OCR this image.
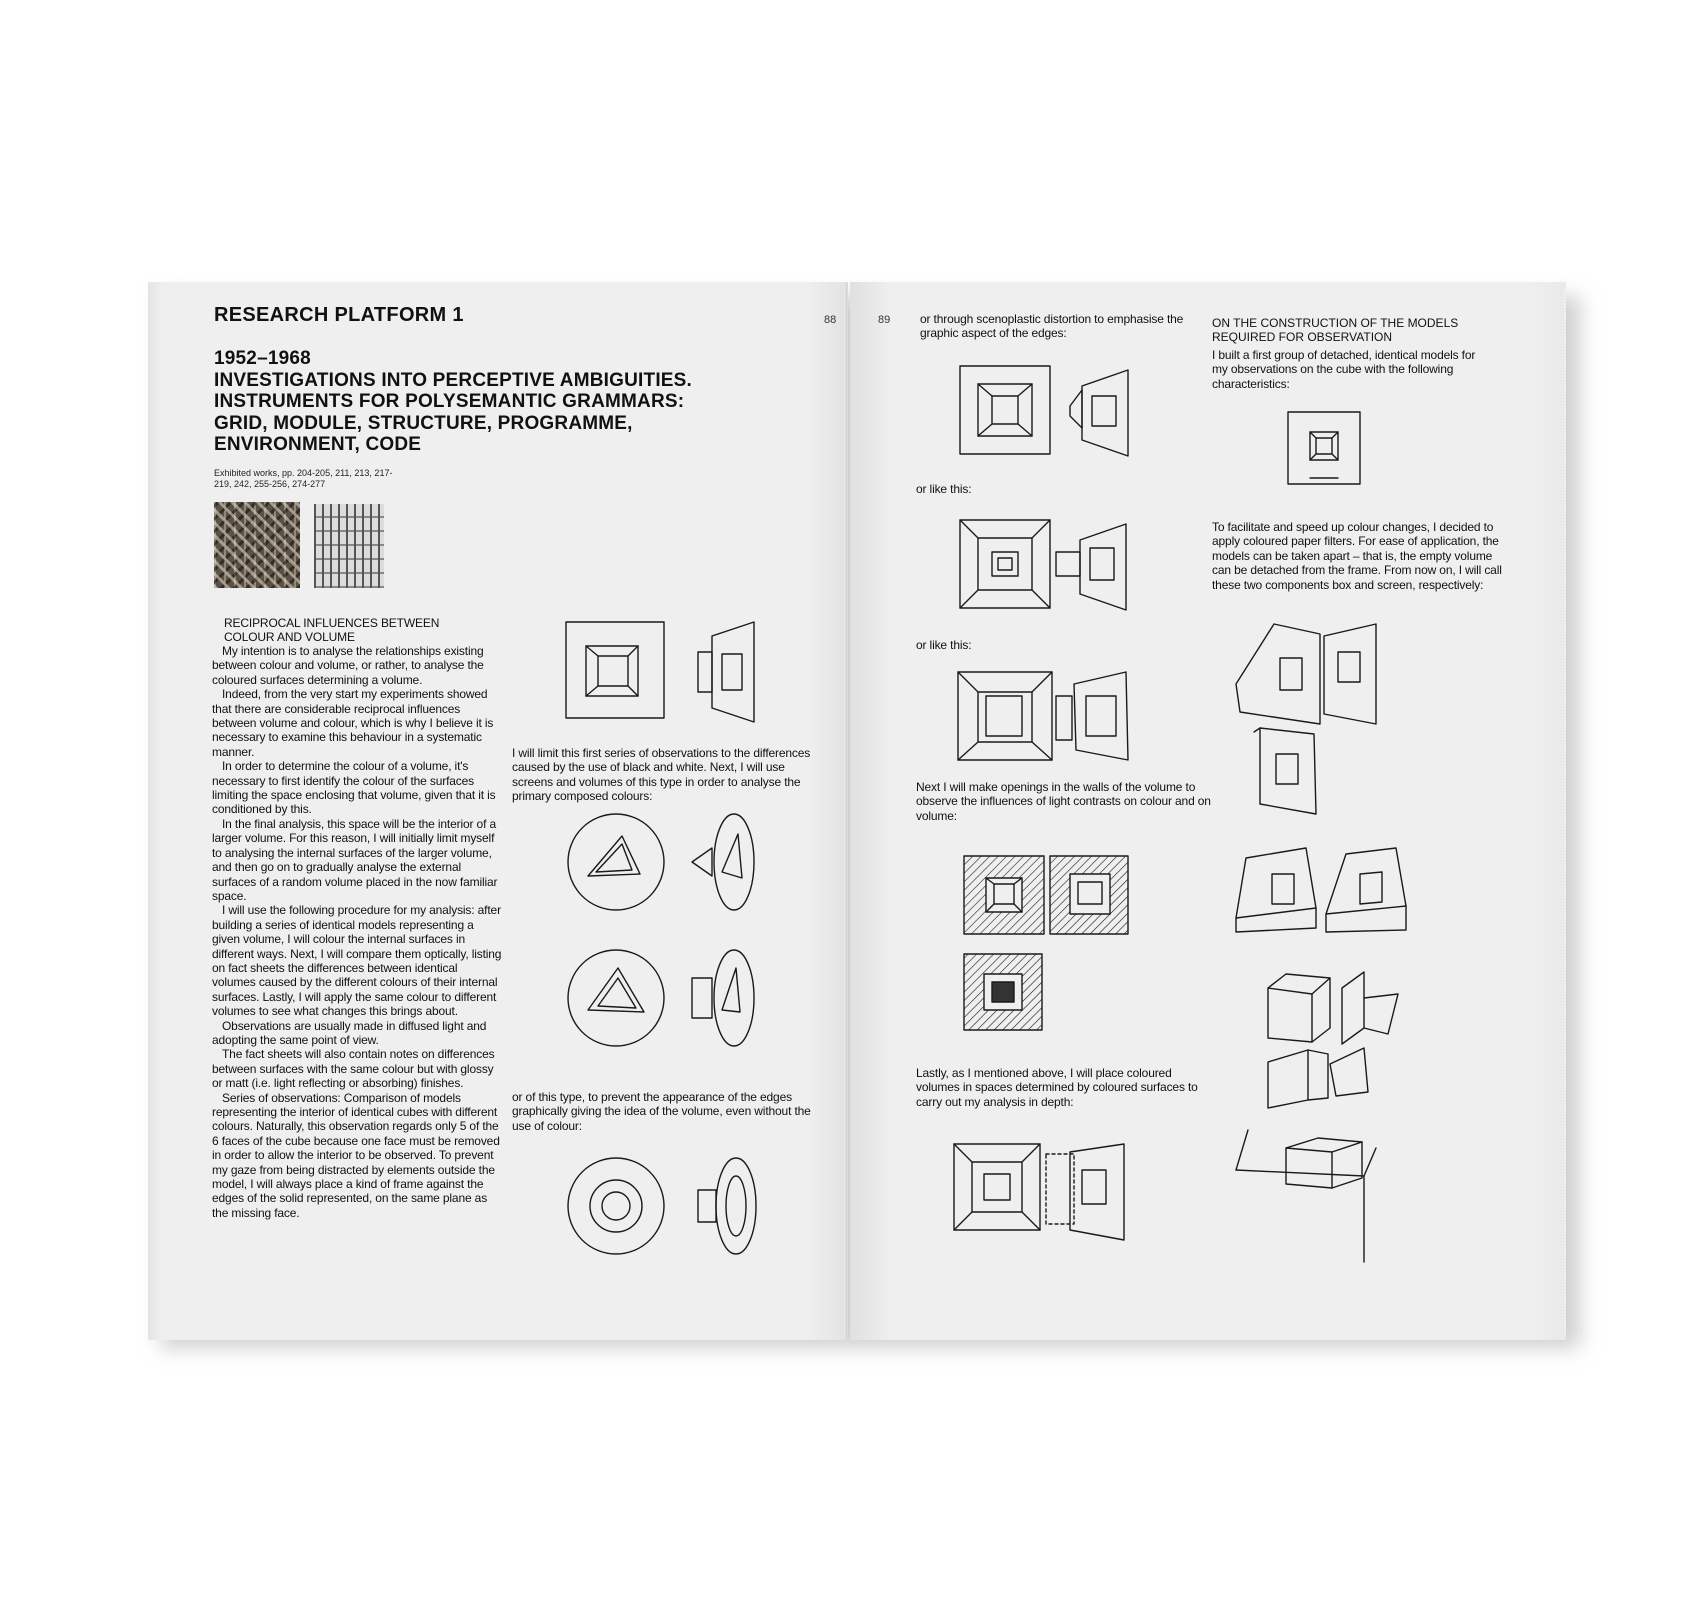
RESEARCH PLATFORM 1	88
1952–1968
INVESTIGATIONS INTO PERCEPTIVE AMBIGUITIES.
INSTRUMENTS FOR POLYSEMANTIC GRAMMARS:
GRID, MODULE, STRUCTURE, PROGRAMME,
ENVIRONMENT, CODE
Exhibited works, pp. 204-205, 211, 213, 217-219, 242, 255-256, 274-277
RECIPROCAL INFLUENCES BETWEEN
COLOUR AND VOLUME

My intention is to analyse the relationships existing between colour and volume, or rather, to analyse the coloured surfaces determining a volume.

Indeed, from the very start my experiments showed that there are considerable reciprocal influences between volume and colour, which is why I believe it is necessary to examine this behaviour in a systematic manner.

In order to determine the colour of a volume, it's necessary to first identify the colour of the surfaces limiting the space enclosing that volume, given that it is conditioned by this.

In the final analysis, this space will be the interior of a larger volume. For this reason, I will initially limit myself to analysing the internal surfaces of the larger volume, and then go on to gradually analyse the external surfaces of a random volume placed in the now familiar space.

I will use the following procedure for my analysis: after building a series of identical models representing a given volume, I will colour the internal surfaces in different ways. Next, I will compare them optically, listing on fact sheets the differences between identical volumes caused by the different colours of their internal surfaces. Lastly, I will apply the same colour to different volumes to see what changes this brings about.

Observations are usually made in diffused light and adopting the same point of view.

The fact sheets will also contain notes on differences between surfaces with the same colour but with glossy or matt (i.e. light reflecting or absorbing) finishes.

Series of observations: Comparison of models representing the interior of identical cubes with different colours. Naturally, this observation regards only 5 of the 6 faces of the cube because one face must be removed in order to allow the interior to be observed. To prevent my gaze from being distracted by elements outside the model, I will always place a kind of frame against the edges of the solid represented, on the same plane as the missing face.

I will limit this first series of observations to the differences caused by the use of black and white. Next, I will use screens and volumes of this type in order to analyse the primary composed colours:
or of this type, to prevent the appearance of the edges graphically giving the idea of the volume, even without the use of colour:
89 or through scenoplastic distortion to emphasise the graphic aspect of the edges:
or like this:
or like this:
Next I will make openings in the walls of the volume to observe the influences of light contrasts on colour and on volume:
Lastly, as I mentioned above, I will place coloured volumes in spaces determined by coloured surfaces to carry out my analysis in depth:
ON THE CONSTRUCTION OF THE MODELS
REQUIRED FOR OBSERVATION
I built a first group of detached, identical models for my observations on the cube with the following characteristics:
To facilitate and speed up colour changes, I decided to apply coloured paper filters. For ease of application, the models can be taken apart – that is, the empty volume can be detached from the frame. From now on, I will call these two components box and screen, respectively:
